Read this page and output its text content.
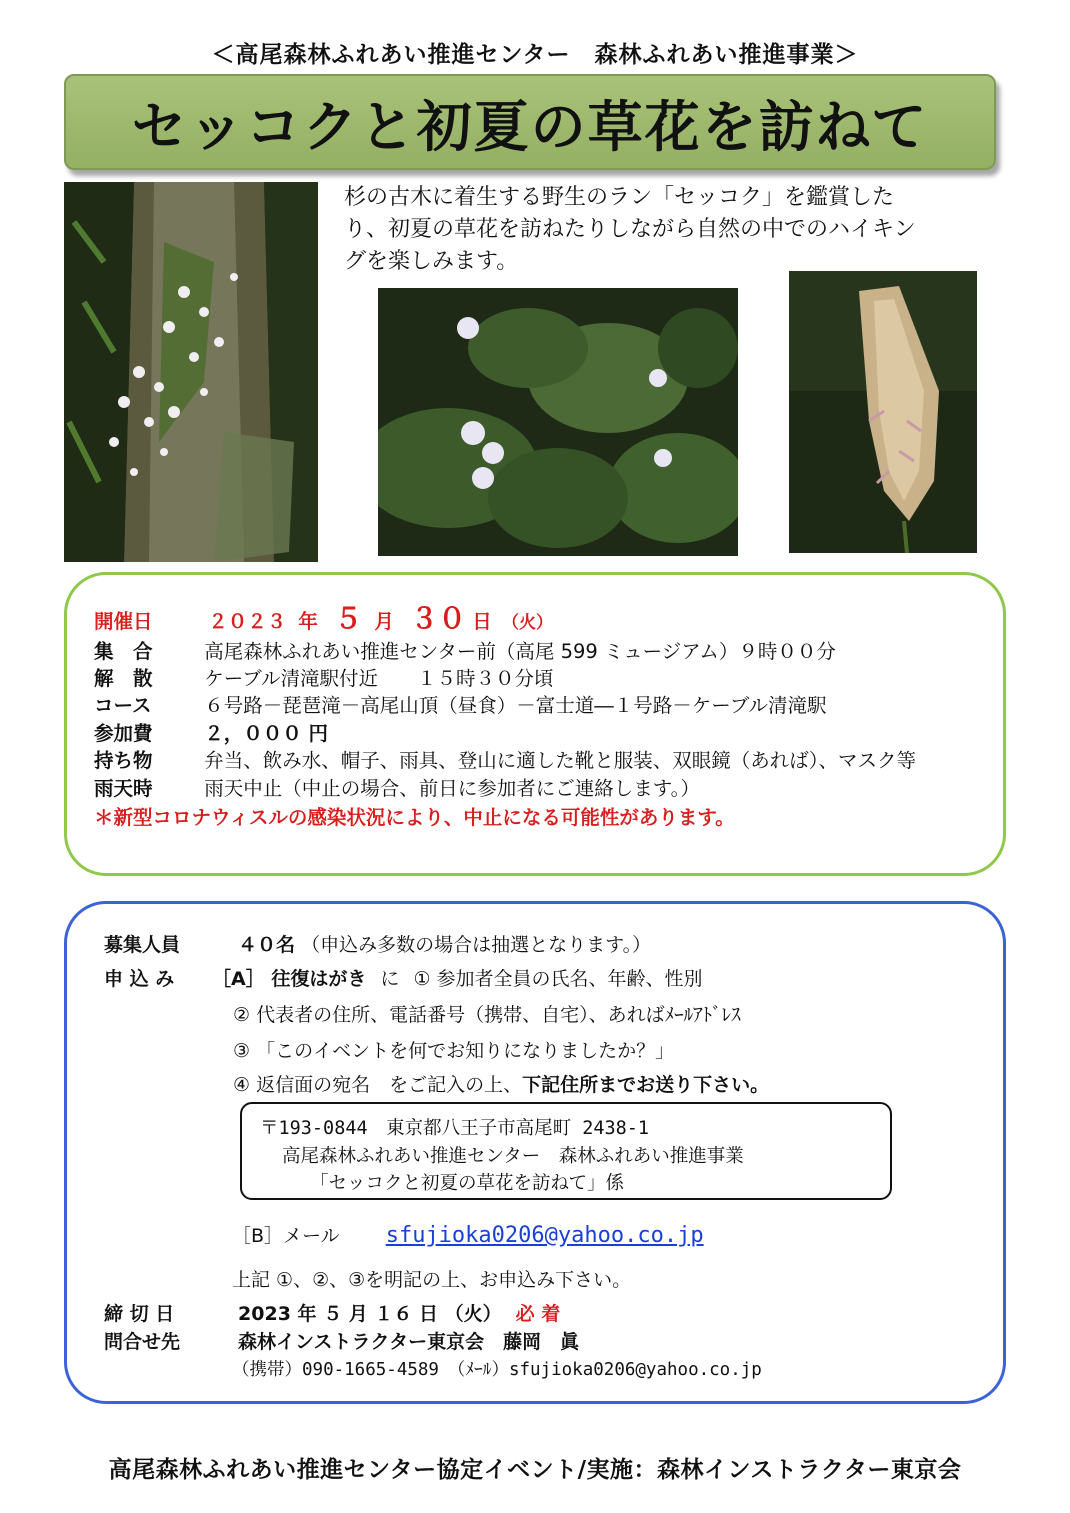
＜高尾森林ふれあい推進センター　森林ふれあい推進事業＞
セッコクと初夏の草花を訪ねて
杉の古木に着生する野生のラン「セッコク」を鑑賞した
り、初夏の草花を訪ねたりしながら自然の中でのハイキン
グを楽しみます。
開催日	２０２３ 年 ５ 月 ３０ 日 （火）
集　合	高尾森林ふれあい推進センター前（高尾 599 ミュージアム）９時００分
解　散	ケーブル清滝駅付近　　１５時３０分頃
コース	６号路－琵琶滝－高尾山頂（昼食）－富士道―１号路－ケーブル清滝駅
参加費	２，０００ 円
持ち物	弁当、飲み水、帽子、雨具、登山に適した靴と服装、双眼鏡（あれば）、マスク等
雨天時	雨天中止（中止の場合、前日に参加者にご連絡します。）
＊新型コロナウィスルの感染状況により、中止になる可能性があります。
募集人員	４０名 （申込み多数の場合は抽選となります。）
申 込 み ［A］ 往復はがき に ① 参加者全員の氏名、年齢、性別
② 代表者の住所、電話番号（携帯、自宅）、あればﾒｰﾙｱﾄﾞﾚｽ
③ 「このイベントを何でお知りになりましたか？」
④ 返信面の宛名　をご記入の上、下記住所までお送り下さい。
〒193-0844　東京都八王子市高尾町 2438-1
高尾森林ふれあい推進センター　森林ふれあい推進事業
「セッコクと初夏の草花を訪ねて」係
［B］メール sfujioka0206@yahoo.co.jp
上記 ①、②、③を明記の上、お申込み下さい。
締 切 日	2023 年 ５ 月 １６ 日 （火） 必 着
問合せ先	森林インストラクター東京会　藤岡　眞
（携帯）090-1665-4589　（ﾒｰﾙ）sfujioka0206@yahoo.co.jp
高尾森林ふれあい推進センター協定イベント/実施：森林インストラクター東京会
